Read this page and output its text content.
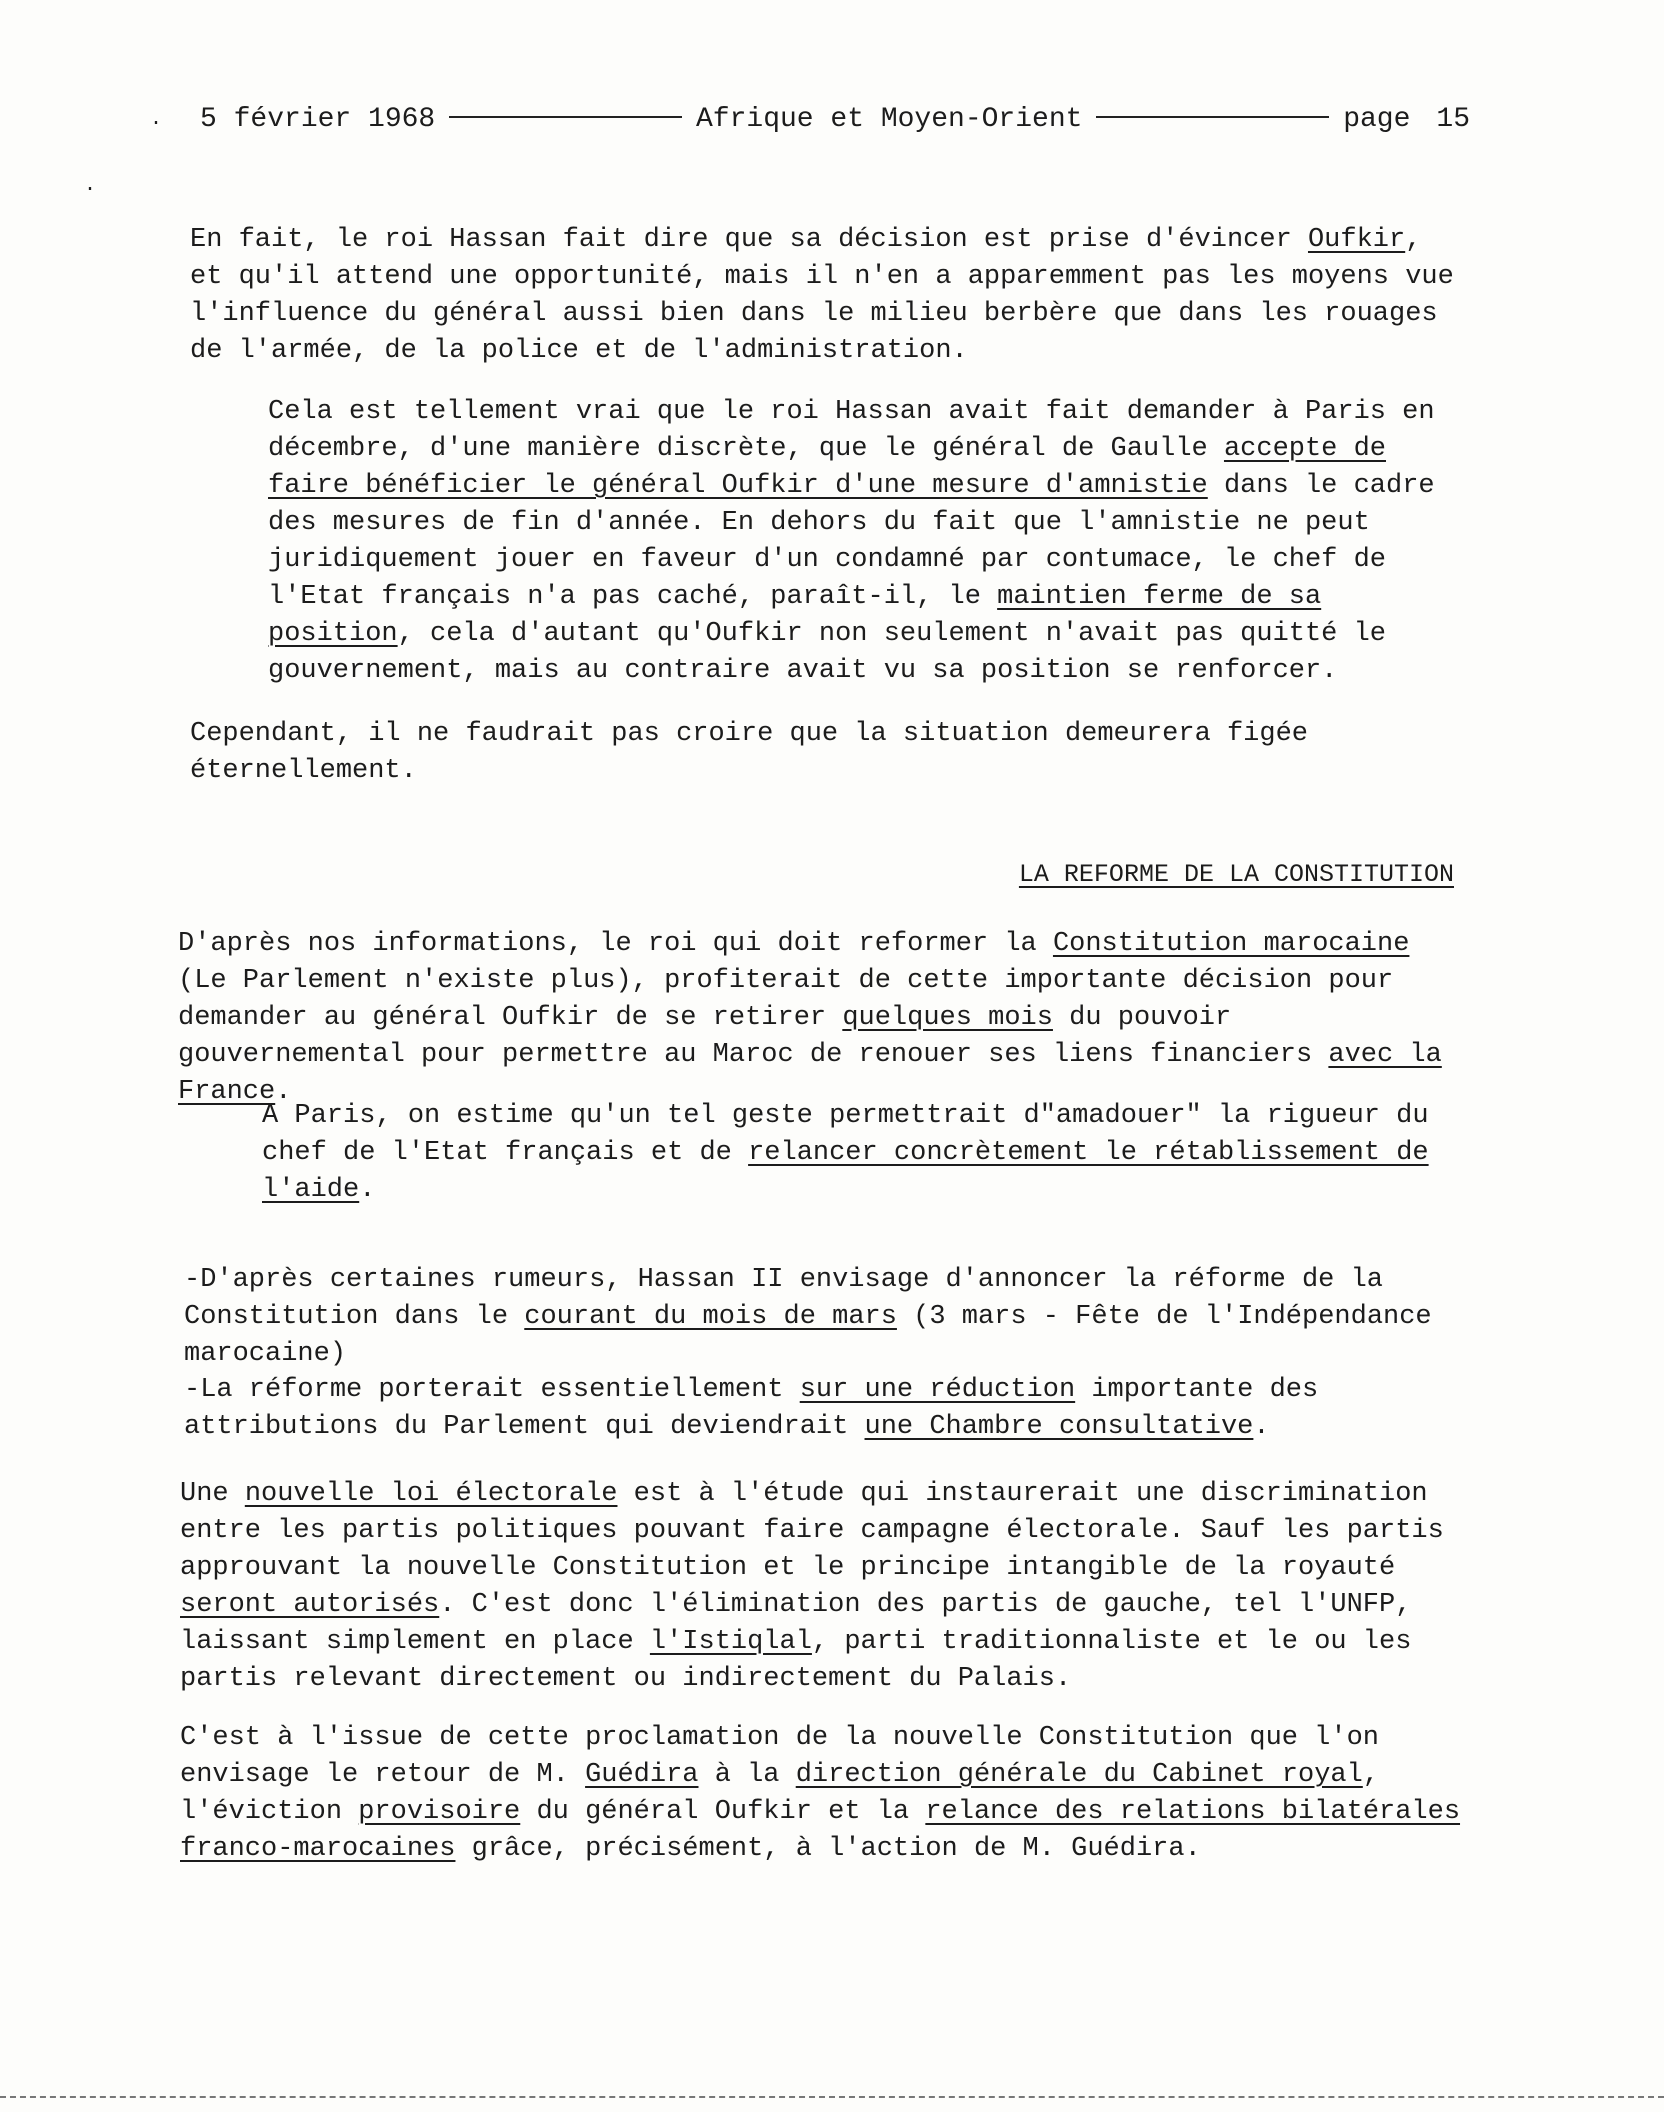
·
·
5 février 1968	Afrique et Moyen-Orient	page 15

En fait, le roi Hassan fait dire que sa décision est prise d'évincer Oufkir, et qu'il attend une opportunité, mais il n'en a apparemment pas les moyens vue l'influence du général aussi bien dans le milieu berbère que dans les rouages de l'armée, de la police et de l'administration.

Cela est tellement vrai que le roi Hassan avait fait demander à Paris en décembre, d'une manière discrète, que le général de Gaulle accepte de faire bénéficier le général Oufkir d'une mesure d'amnistie dans le cadre des mesures de fin d'année. En dehors du fait que l'amnistie ne peut juridiquement jouer en faveur d'un condamné par contumace, le chef de l'Etat français n'a pas caché, paraît-il, le maintien ferme de sa position, cela d'autant qu'Oufkir non seulement n'avait pas quitté le gouvernement, mais au contraire avait vu sa position se renforcer.

Cependant, il ne faudrait pas croire que la situation demeurera figée éternellement.

LA REFORME DE LA CONSTITUTION

D'après nos informations, le roi qui doit reformer la Constitution marocaine (Le Parlement n'existe plus), profiterait de cette importante décision pour demander au général Oufkir de se retirer quelques mois du pouvoir gouvernemental pour permettre au Maroc de renouer ses liens financiers avec la France.

A Paris, on estime qu'un tel geste permettrait d"amadouer" la rigueur du chef de l'Etat français et de relancer concrètement le rétablissement de l'aide.

-D'après certaines rumeurs, Hassan II envisage d'annoncer la réforme de la Constitution dans le courant du mois de mars (3 mars - Fête de l'Indépendance marocaine)

-La réforme porterait essentiellement sur une réduction importante des attributions du Parlement qui deviendrait une Chambre consultative.

Une nouvelle loi électorale est à l'étude qui instaurerait une discrimination entre les partis politiques pouvant faire campagne électorale. Sauf les partis approuvant la nouvelle Constitution et le principe intangible de la royauté seront autorisés. C'est donc l'élimination des partis de gauche, tel l'UNFP, laissant simplement en place l'Istiqlal, parti traditionnaliste et le ou les partis relevant directement ou indirectement du Palais.

C'est à l'issue de cette proclamation de la nouvelle Constitution que l'on envisage le retour de M. Guédira à la direction générale du Cabinet royal, l'éviction provisoire du général Oufkir et la relance des relations bilatérales franco-marocaines grâce, précisément, à l'action de M. Guédira.
